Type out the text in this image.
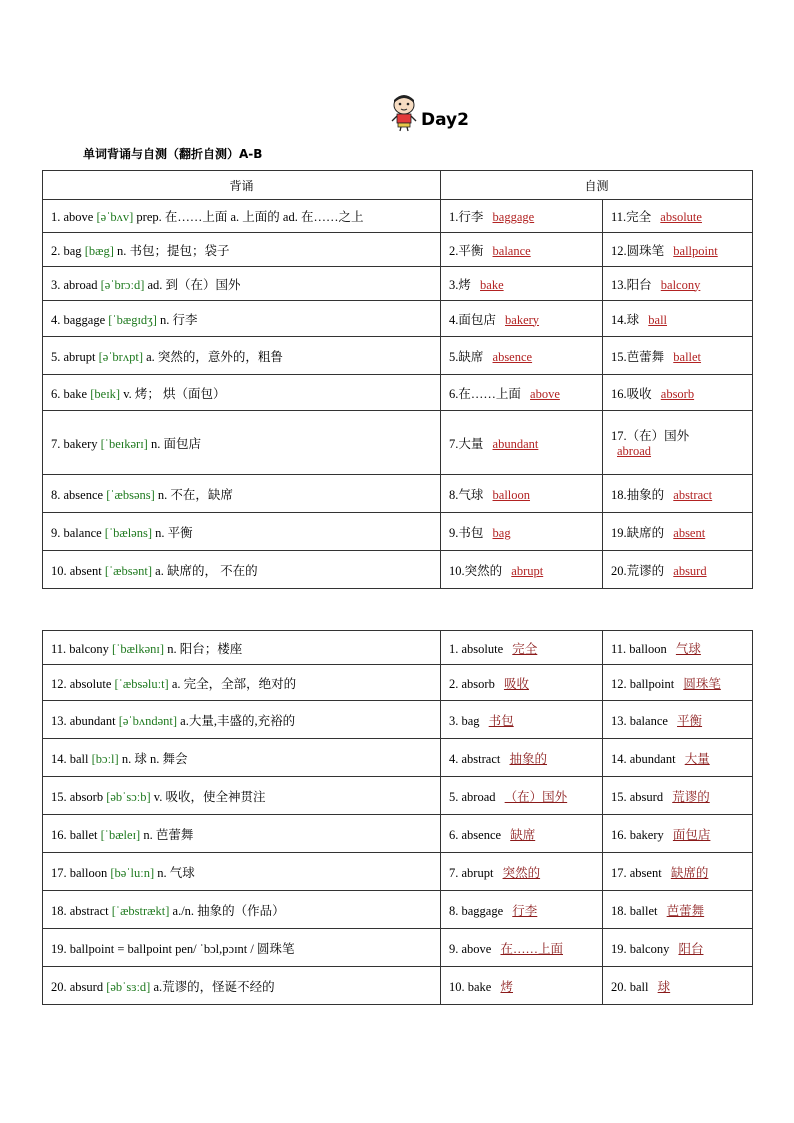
Day2
单词背诵与自测（翻折自测）A-B
背诵	自测	
1. above [əˈbʌv] prep. 在……上面 a. 上面的 ad. 在……之上	1.行李 baggage	11.完全 absolute
2. bag [bæg] n. 书包；提包；袋子	2.平衡 balance	12.圆珠笔 ballpoint
3. abroad [əˈbrɔːd] ad. 到（在）国外	3.烤 bake	13.阳台 balcony
4. baggage [ˈbægɪdʒ] n. 行李	4.面包店 bakery	14.球 ball
5. abrupt [əˈbrʌpt] a. 突然的，意外的，粗鲁	5.缺席 absence	15.芭蕾舞 ballet
6. bake [beɪk] v. 烤； 烘（面包）	6.在……上面 above	16.吸收 absorb
7. bakery [ˈbeɪkərɪ] n. 面包店	7.大量 abundant	17.（在）国外
abroad
8. absence [ˈæbsəns] n. 不在，缺席	8.气球 balloon	18.抽象的 abstract
9. balance [ˈbæləns] n. 平衡	9.书包 bag	19.缺席的 absent
10. absent [ˈæbsənt] a. 缺席的， 不在的	10.突然的 abrupt	20.荒谬的 absurd
11. balcony [ˈbælkənɪ] n. 阳台；楼座	1. absolute 完全	11. balloon 气球
12. absolute [ˈæbsəluːt] a. 完全，全部，绝对的	2. absorb 吸收	12. ballpoint 圆珠笔
13. abundant [əˈbʌndənt] a.大量,丰盛的,充裕的	3. bag 书包	13. balance 平衡
14. ball [bɔːl] n. 球 n. 舞会	4. abstract 抽象的	14. abundant 大量
15. absorb [əbˈsɔːb] v. 吸收，使全神贯注	5. abroad （在）国外	15. absurd 荒谬的
16. ballet [ˈbæleɪ] n. 芭蕾舞	6. absence 缺席	16. bakery 面包店
17. balloon [bəˈluːn] n. 气球	7. abrupt 突然的	17. absent 缺席的
18. abstract [ˈæbstrækt] a./n. 抽象的（作品）	8. baggage 行李	18. ballet 芭蕾舞
19. ballpoint = ballpoint pen/ ˈbɔl,pɔɪnt / 圆珠笔	9. above 在……上面	19. balcony 阳台
20. absurd [əbˈsɜːd] a.荒谬的，怪诞不经的	10. bake 烤	20. ball 球
